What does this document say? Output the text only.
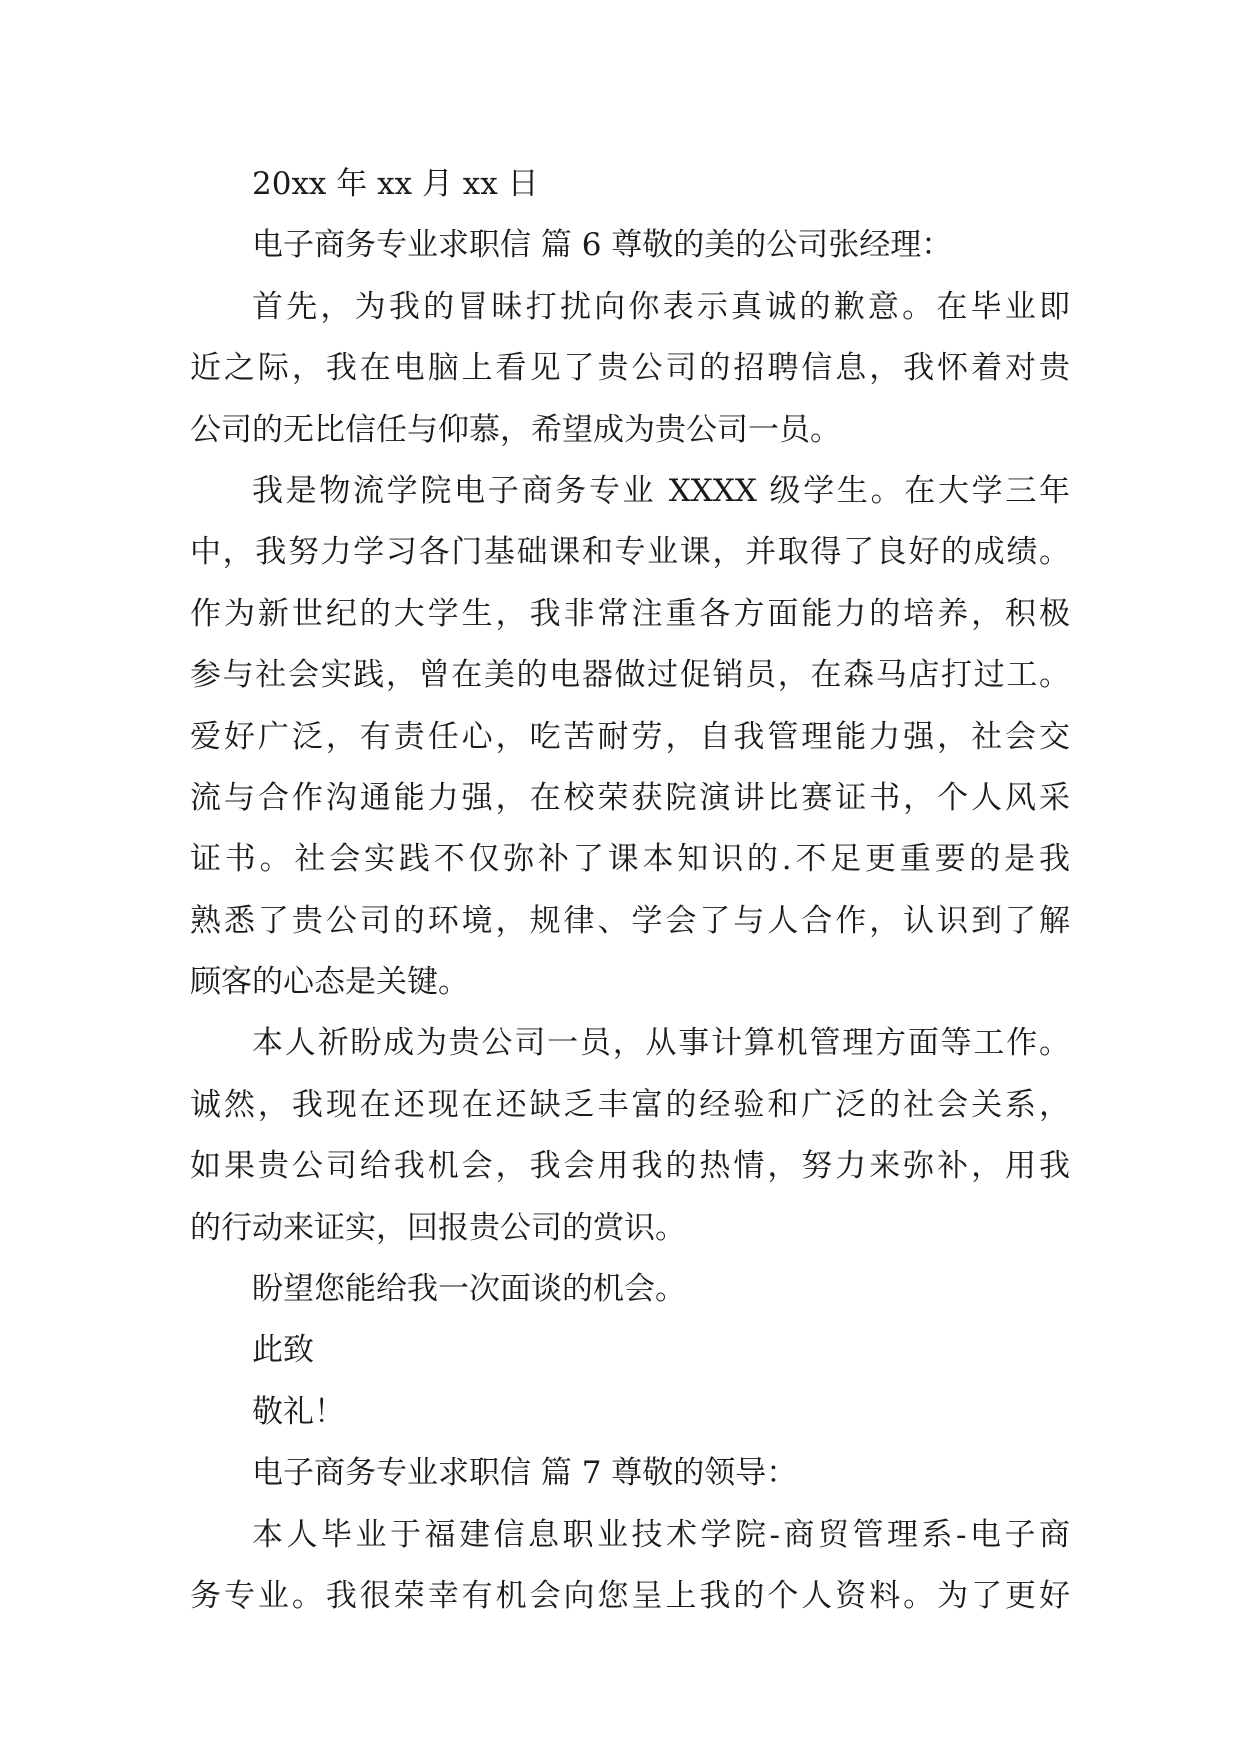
20xx 年 xx 月 xx 日
电子商务专业求职信 篇 6 尊敬的美的公司张经理：
首先，为我的冒昧打扰向你表示真诚的歉意。在毕业即
近之际，我在电脑上看见了贵公司的招聘信息，我怀着对贵
公司的无比信任与仰慕，希望成为贵公司一员。
我是物流学院电子商务专业 XXXX 级学生。在大学三年
中，我努力学习各门基础课和专业课，并取得了良好的成绩。
作为新世纪的大学生，我非常注重各方面能力的培养，积极
参与社会实践，曾在美的电器做过促销员，在森马店打过工。
爱好广泛，有责任心，吃苦耐劳，自我管理能力强，社会交
流与合作沟通能力强，在校荣获院演讲比赛证书，个人风采
证书。社会实践不仅弥补了课本知识的.不足更重要的是我
熟悉了贵公司的环境，规律、学会了与人合作，认识到了解
顾客的心态是关键。
本人祈盼成为贵公司一员，从事计算机管理方面等工作。
诚然，我现在还现在还缺乏丰富的经验和广泛的社会关系，
如果贵公司给我机会，我会用我的热情，努力来弥补，用我
的行动来证实，回报贵公司的赏识。
盼望您能给我一次面谈的机会。
此致
敬礼！
电子商务专业求职信 篇 7 尊敬的领导：
本人毕业于福建信息职业技术学院-商贸管理系-电子商
务专业。我很荣幸有机会向您呈上我的个人资料。为了更好
